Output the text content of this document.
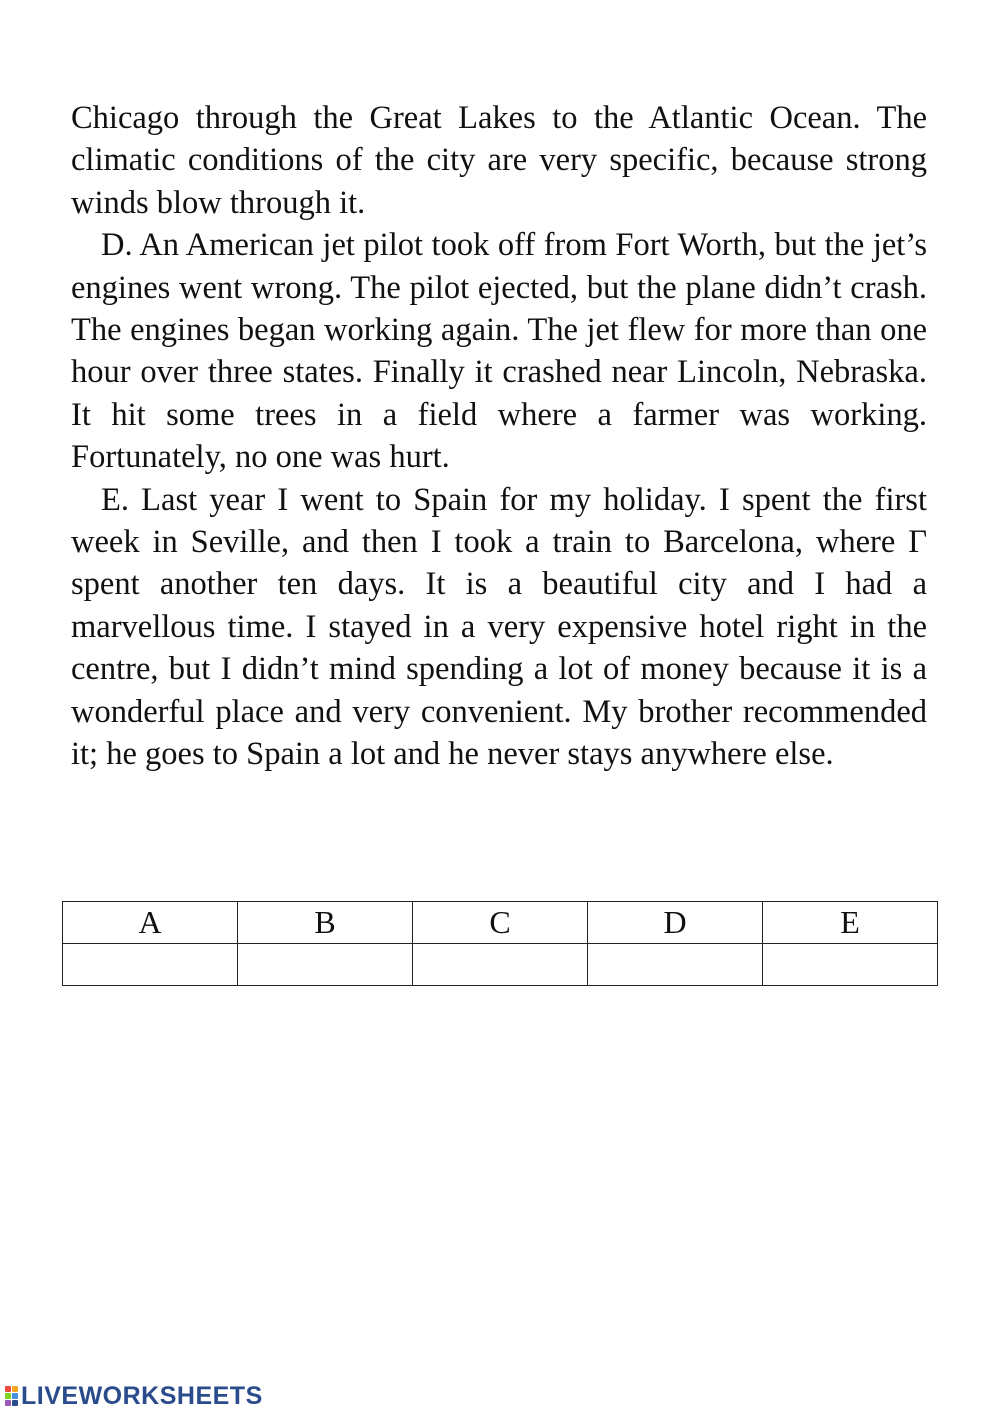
Chicago through the Great Lakes to the Atlantic Ocean. The climatic conditions of the city are very specific, because strong winds blow through it.

D. An American jet pilot took off from Fort Worth, but the jet’s engines went wrong. The pilot ejected, but the plane didn’t crash. The engines began working again. The jet flew for more than one hour over three states. Finally it crashed near Lincoln, Nebraska. It hit some trees in a field where a farmer was working. Fortunately, no one was hurt.

E. Last year I went to Spain for my holiday. I spent the first week in Seville, and then I took a train to Barcelona, where Г spent another ten days. It is a beautiful city and I had a marvellous time. I stayed in a very expensive hotel right in the centre, but I didn’t mind spending a lot of money because it is a wonderful place and very convenient. My brother recommended it; he goes to Spain a lot and he never stays anywhere else.

A	B	C	D	E

LIVEWORKSHEETS
